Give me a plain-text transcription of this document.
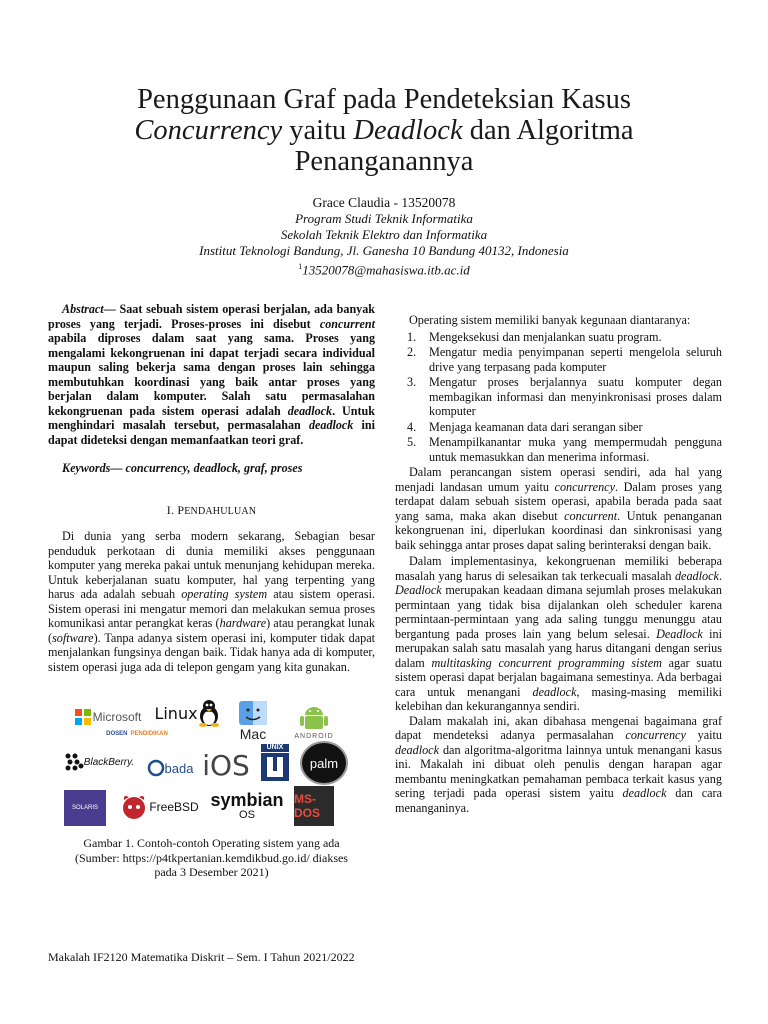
Penggunaan Graf pada Pendeteksian Kasus
Concurrency yaitu Deadlock dan Algoritma
Penanganannya
Grace Claudia - 13520078
Program Studi Teknik Informatika
Sekolah Teknik Elektro dan Informatika
Institut Teknologi Bandung, Jl. Ganesha 10 Bandung 40132, Indonesia
$^1$13520078@mahasiswa.itb.ac.id

Abstract— Saat sebuah sistem operasi berjalan, ada banyak proses yang terjadi. Proses-proses ini disebut concurrent apabila diproses dalam saat yang sama. Proses yang mengalami kekongruenan ini dapat terjadi secara individual maupun saling bekerja sama dengan proses lain sehingga membutuhkan koordinasi yang baik antar proses yang berjalan dalam komputer. Salah satu permasalahan kekongruenan pada sistem operasi adalah deadlock. Untuk menghindari masalah tersebut, permasalahan deadlock ini dapat dideteksi dengan memanfaatkan teori graf.

Keywords— concurrency, deadlock, graf, proses

I. PENDAHULUAN

Di dunia yang serba modern sekarang, Sebagian besar penduduk perkotaan di dunia memiliki akses penggunaan komputer yang mereka pakai untuk menunjang kehidupan mereka. Untuk keberjalanan suatu komputer, hal yang terpenting yang harus ada adalah sebuah operating system atau sistem operasi. Sistem operasi ini mengatur memori dan melakukan semua proses komunikasi antar perangkat keras (hardware) atau perangkat lunak (software). Tanpa adanya sistem operasi ini, komputer tidak dapat menjalankan fungsinya dengan baik. Tidak hanya ada di komputer, sistem operasi juga ada di telepon gengam yang kita gunakan.

Microsoft Linux
Mac	ANDROID
DOSEN PENDIDIKAN
BlackBerry. bada iOS
UNIX
palm
SOLARIS	FreeBSD symbian
OS
MS-DOS
Gambar 1. Contoh-contoh Operating sistem yang ada
(Sumber: https://p4tkpertanian.kemdikbud.go.id/ diakses
pada 3 Desember 2021)

Operating sistem memiliki banyak kegunaan diantaranya:

1. Mengeksekusi dan menjalankan suatu program.
2. Mengatur media penyimpanan seperti mengelola seluruh drive yang terpasang pada komputer
3. Mengatur proses berjalannya suatu komputer degan membagikan informasi dan menyinkronisasi proses dalam komputer
4. Menjaga keamanan data dari serangan siber
5. Menampilkanantar muka yang mempermudah pengguna untuk memasukkan dan menerima informasi.

Dalam perancangan sistem operasi sendiri, ada hal yang menjadi landasan umum yaitu concurrency. Dalam proses yang terdapat dalam sebuah sistem operasi, apabila berada pada saat yang sama, maka akan disebut concurrent. Untuk penanganan kekongruenan ini, diperlukan koordinasi dan sinkronisasi yang baik sehingga antar proses dapat saling berinteraksi dengan baik.

Dalam implementasinya, kekongruenan memiliki beberapa masalah yang harus di selesaikan tak terkecuali masalah deadlock. Deadlock merupakan keadaan dimana sejumlah proses melakukan permintaan yang tidak bisa dijalankan oleh scheduler karena permintaan-permintaan yang ada saling tunggu menunggu atau bergantung pada proses lain yang belum selesai. Deadlock ini merupakan salah satu masalah yang harus ditangani dengan serius dalam multitasking concurrent programming sistem agar suatu sistem operasi dapat berjalan bagaimana semestinya. Ada berbagai cara untuk menangani deadlock, masing-masing memiliki kelebihan dan kekurangannya sendiri.

Dalam makalah ini, akan dibahasa mengenai bagaimana graf dapat mendeteksi adanya permasalahan concurrency yaitu deadlock dan algoritma-algoritma lainnya untuk menangani kasus ini. Makalah ini dibuat oleh penulis dengan harapan agar membantu meningkatkan pemahaman pembaca terkait kasus yang sering terjadi pada operasi sistem yaitu deadlock dan cara menanganinya.

Makalah IF2120 Matematika Diskrit – Sem. I Tahun 2021/2022
